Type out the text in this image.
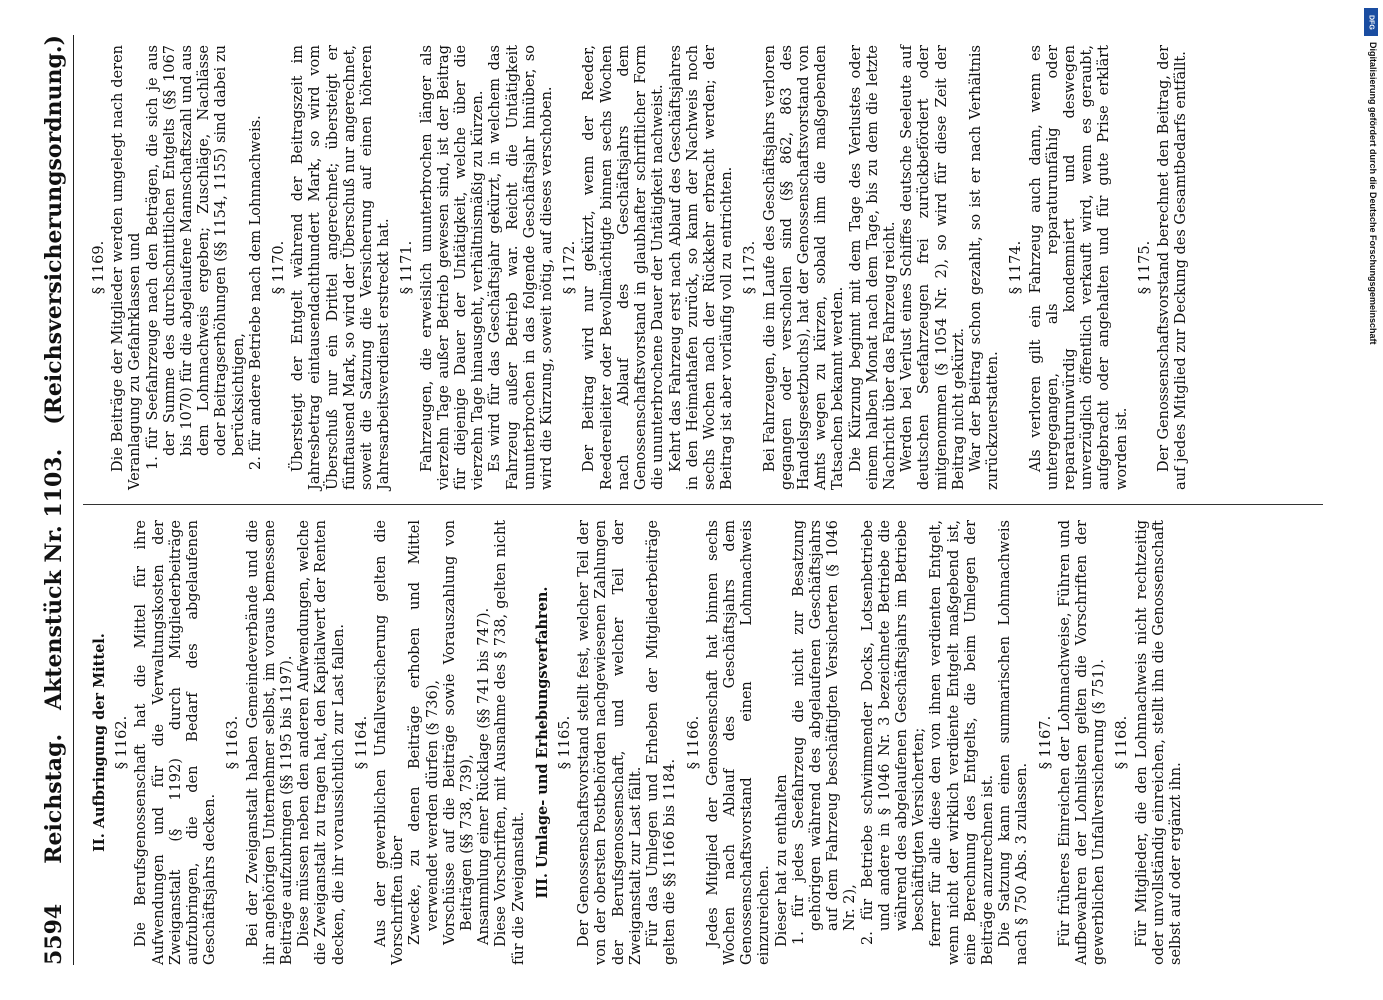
5594
Reichstag.
Aktenstück Nr. 1103.
(Reichsversicherungsordnung.)
II. Aufbringung der Mittel. § 1162. Die Berufsgenossenschaft hat die Mittel für ihre Aufwendungen und für die Verwaltungskosten der Zweiganstalt (§ 1192) durch Mitgliederbeiträge aufzubringen, die den Bedarf des abgelaufenen Geschäftsjahrs decken.

§ 1163. Bei der Zweiganstalt haben Gemeindeverbände und die ihr angehörigen Unternehmer selbst, im voraus bemessene Beiträge aufzubringen (§§ 1195 bis 1197). Diese müssen neben den anderen Aufwendungen, welche die Zweiganstalt zu tragen hat, den Kapitalwert der Renten decken, die ihr voraussichtlich zur Last fallen. § 1164. Aus der gewerblichen Unfallversicherung gelten die Vorschriften über Zwecke, zu denen Beiträge erhoben und Mittel verwendet werden dürfen (§ 736), Vorschüsse auf die Beiträge sowie Vorauszahlung von Beiträgen (§§ 738, 739), Ansammlung einer Rücklage (§§ 741 bis 747). Diese Vorschriften, mit Ausnahme des § 738, gelten nicht für die Zweiganstalt. III. Umlage- und Erhebungsverfahren. § 1165. Der Genossenschaftsvorstand stellt fest, welcher Teil der von der obersten Postbehörden nachgewiesenen Zahlungen der Berufsgenossenschaft, und welcher Teil der Zweiganstalt zur Last fällt. Für das Umlegen und Erheben der Mitgliederbeiträge gelten die §§ 1166 bis 1184.

§ 1166. Jedes Mitglied der Genossenschaft hat binnen sechs Wochen nach Ablauf des Geschäftsjahrs dem Genossenschaftsvorstand einen Lohnnachweis einzureichen. Dieser hat zu enthalten 1. für jedes Seefahrzeug die nicht zur Besatzung gehörigen während des abgelaufenen Geschäftsjahrs auf dem Fahrzeug beschäftigten Versicherten (§ 1046 Nr. 2), 2. für Betriebe schwimmender Docks, Lotsenbetriebe und andere in § 1046 Nr. 3 bezeichnete Betriebe die während des abgelaufenen Geschäftsjahrs im Betriebe beschäftigten Versicherten; ferner für alle diese den von ihnen verdienten Entgelt, wenn nicht der wirklich verdiente Entgelt maßgebend ist, eine Berechnung des Entgelts, die beim Umlegen der Beiträge anzurechnen ist. Die Satzung kann einen summarischen Lohnnachweis nach § 750 Abs. 3 zulassen.

§ 1167. Für früheres Einreichen der Lohnnachweise, Führen und Aufbewahren der Lohnlisten gelten die Vorschriften der gewerblichen Unfallversicherung (§ 751). § 1168. Für Mitglieder, die den Lohnnachweis nicht rechtzeitig oder unvollständig einreichen, stellt ihn die Genossenschaft selbst auf oder ergänzt ihn.

§ 1169. Die Beiträge der Mitglieder werden umgelegt nach deren Veranlagung zu Gefahrklassen und 1. für Seefahrzeuge nach den Beträgen, die sich je aus der Summe des durchschnittlichen Entgelts (§§ 1067 bis 1070) für die abgelaufene Mannschaftszahl und aus dem Lohnnachweis ergeben; Zuschläge, Nachlässe oder Beitragserhöhungen (§§ 1154, 1155) sind dabei zu berücksichtigen, 2. für andere Betriebe nach dem Lohnnachweis. § 1170. Übersteigt der Entgelt während der Beitragszeit im Jahresbetrag eintausendachthundert Mark, so wird vom Überschuß nur ein Drittel angerechnet; übersteigt er fünftausend Mark, so wird der Überschuß nur angerechnet, soweit die Satzung die Versicherung auf einen höheren Jahresarbeitsverdienst erstreckt hat. § 1171. Fahrzeugen, die erweislich ununterbrochen länger als vierzehn Tage außer Betrieb gewesen sind, ist der Beitrag für diejenige Dauer der Untätigkeit, welche über die vierzehn Tage hinausgeht, verhältnismäßig zu kürzen. Es wird für das Geschäftsjahr gekürzt, in welchem das Fahrzeug außer Betrieb war. Reicht die Untätigkeit ununterbrochen in das folgende Geschäftsjahr hinüber, so wird die Kürzung, soweit nötig, auf dieses verschoben. § 1172. Der Beitrag wird nur gekürzt, wenn der Reeder, Reedereileiter oder Bevollmächtigte binnen sechs Wochen nach Ablauf des Geschäftsjahrs dem Genossenschaftsvorstand in glaubhafter schriftlicher Form die ununterbrochene Dauer der Untätigkeit nachweist. Kehrt das Fahrzeug erst nach Ablauf des Geschäftsjahres in den Heimathafen zurück, so kann der Nachweis noch sechs Wochen nach der Rückkehr erbracht werden; der Beitrag ist aber vorläufig voll zu entrichten. § 1173. Bei Fahrzeugen, die im Laufe des Geschäftsjahrs verloren gegangen oder verschollen sind (§§ 862, 863 des Handelsgesetzbuchs), hat der Genossenschaftsvorstand von Amts wegen zu kürzen, sobald ihm die maßgebenden Tatsachen bekannt werden. Die Kürzung beginnt mit dem Tage des Verlustes oder einem halben Monat nach dem Tage, bis zu dem die letzte Nachricht über das Fahrzeug reicht. Werden bei Verlust eines Schiffes deutsche Seeleute auf deutschen Seefahrzeugen frei zurückbefördert oder mitgenommen (§ 1054 Nr. 2), so wird für diese Zeit der Beitrag nicht gekürzt. War der Beitrag schon gezahlt, so ist er nach Verhältnis zurückzuerstatten.

§ 1174. Als verloren gilt ein Fahrzeug auch dann, wenn es untergegangen, als reparaturunfähig oder reparaturunwürdig kondemniert und deswegen unverzüglich öffentlich verkauft wird, wenn es geraubt, aufgebracht oder angehalten und für gute Prise erklärt worden ist.

§ 1175. Der Genossenschaftsvorstand berechnet den Beitrag, der auf jedes Mitglied zur Deckung des Gesamtbedarfs entfällt.

DFG
Digitalisierung gefördert durch die Deutsche Forschungsgemeinschaft
